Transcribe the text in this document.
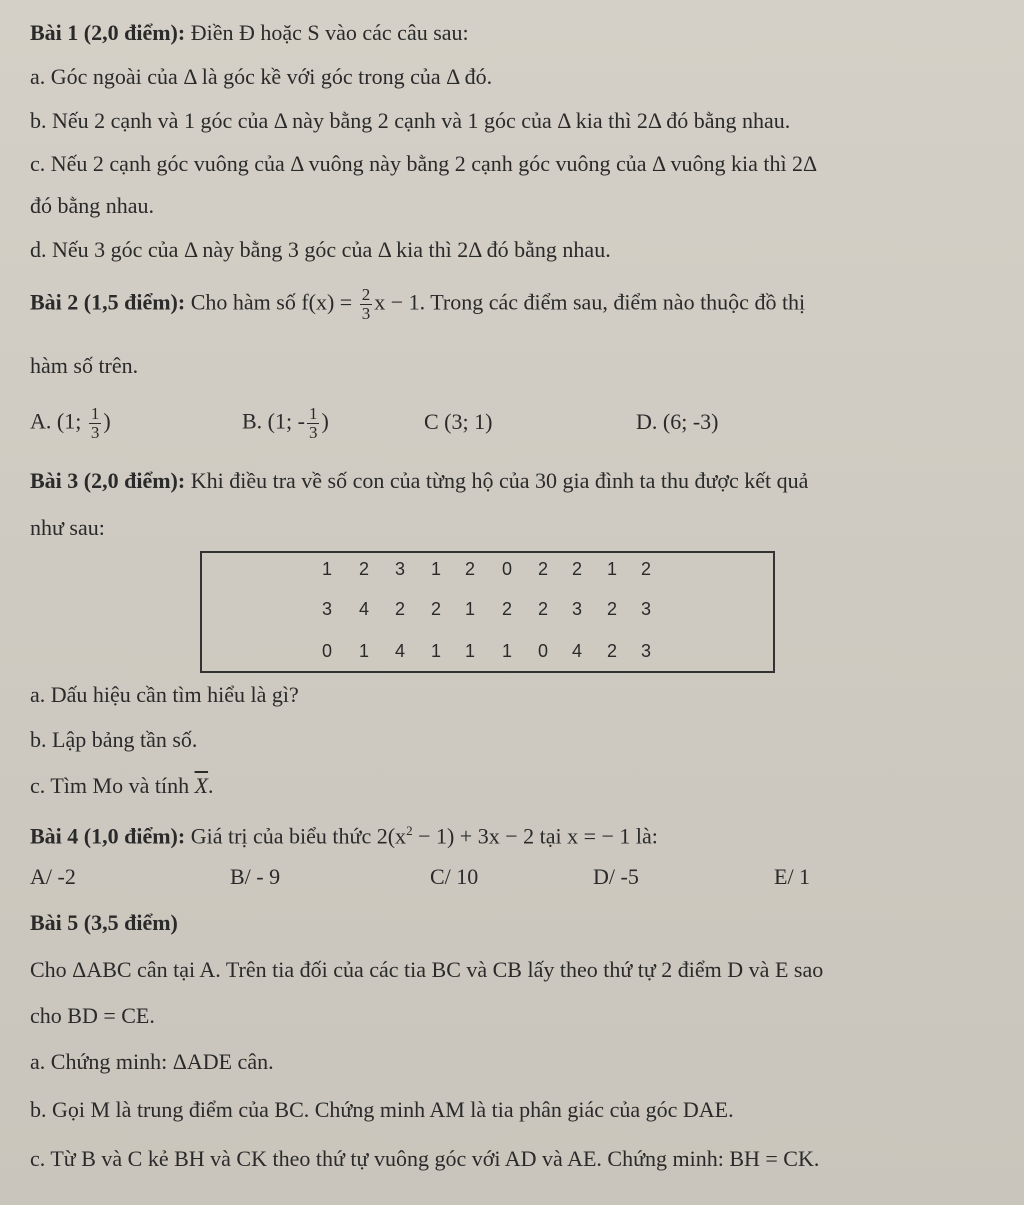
Bài 1 (2,0 điểm): Điền Đ hoặc S vào các câu sau:
a. Góc ngoài của Δ là góc kề với góc trong của Δ đó.
b. Nếu 2 cạnh và 1 góc của Δ này bằng 2 cạnh và 1 góc của Δ kia thì 2Δ đó bằng nhau.
c. Nếu 2 cạnh góc vuông của Δ vuông này bằng 2 cạnh góc vuông của Δ vuông kia thì 2Δ
đó bằng nhau.
d. Nếu 3 góc của Δ này bằng 3 góc của Δ kia thì 2Δ đó bằng nhau.
Bài 2 (1,5 điểm): Cho hàm số $f(x) = \frac{2}{3}$ x − 1. Trong các điểm sau, điểm nào thuộc đồ thị
hàm số trên.
A. (1; $\frac{1}{3}$ )	B. (1; - $\frac{1}{3}$ )	C (3; 1)	D. (6; -3)
Bài 3 (2,0 điểm): Khi điều tra về số con của từng hộ của 30 gia đình ta thu được kết quả
như sau:
1 2 3 1 2 0 2 2 1 2
3 4 2 2 1 2 2 3 2 3
0 1 4 1 1 1 0 4 2 3
a. Dấu hiệu cần tìm hiểu là gì?
b. Lập bảng tần số.
c. Tìm Mo và tính $\overline{X}$.
Bài 4 (1,0 điểm): Giá trị của biểu thức $2(x^2 - 1) + 3x - 2$ tại x = − 1 là:
A/ -2	B/ - 9	C/ 10	D/ -5	E/ 1
Bài 5 (3,5 điểm)
Cho ΔABC cân tại A. Trên tia đối của các tia BC và CB lấy theo thứ tự 2 điểm D và E sao
cho BD = CE.
a. Chứng minh: ΔADE cân.
b. Gọi M là trung điểm của BC. Chứng minh AM là tia phân giác của góc DAE.
c. Từ B và C kẻ BH và CK theo thứ tự vuông góc với AD và AE. Chứng minh: BH = CK.
